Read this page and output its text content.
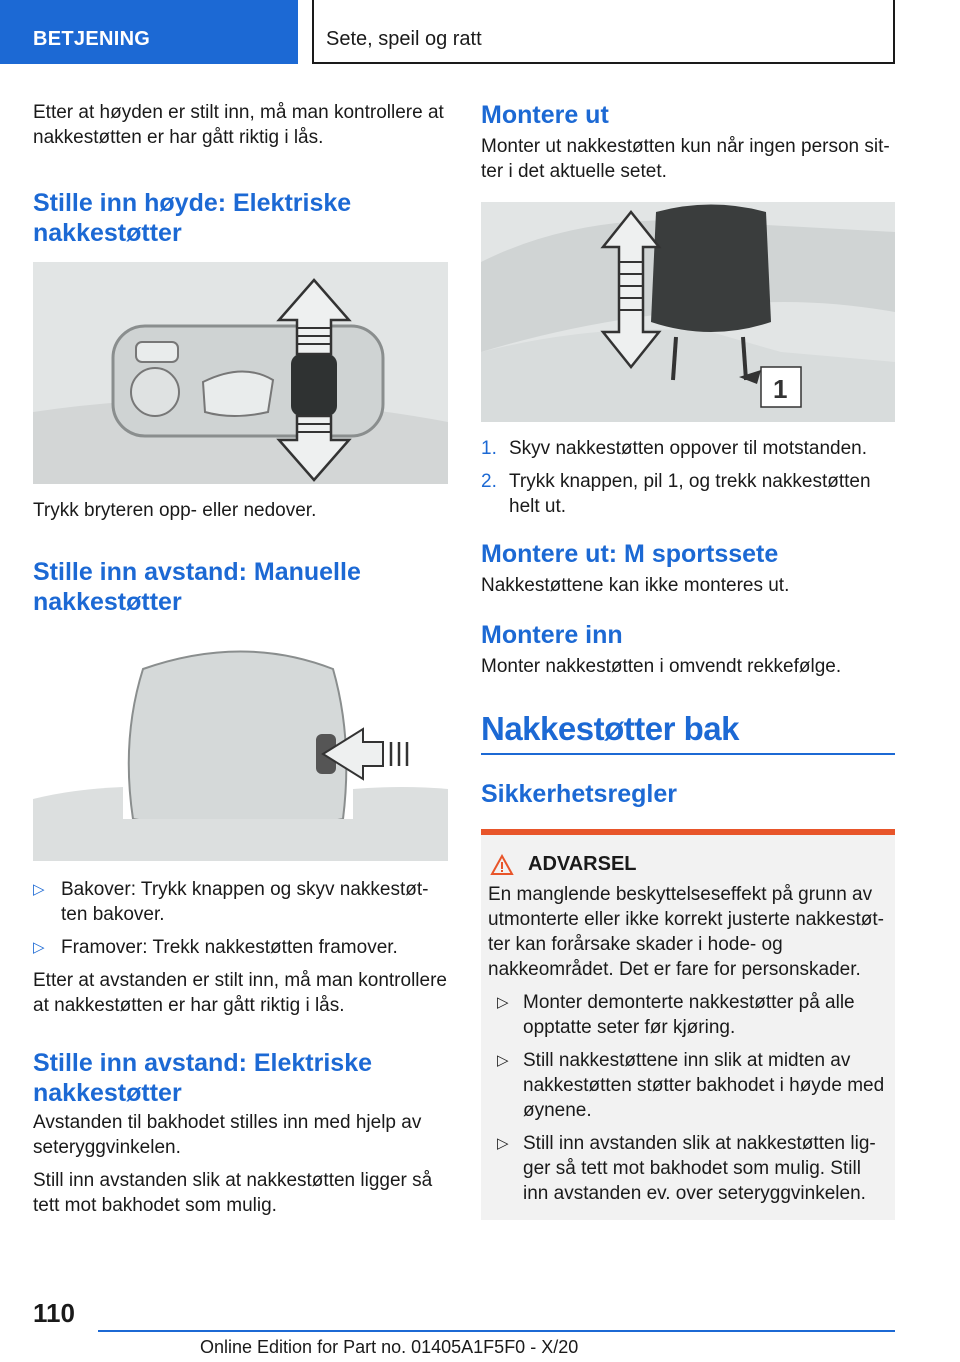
BETJENING	Sete, speil og ratt

Etter at høyden er stilt inn, må man kontrollere at nakkestøtten er har gått riktig i lås.

Stille inn høyde: Elektriske nakkestøtter

Trykk bryteren opp- eller nedover.

Stille inn avstand: Manuelle nakkestøtter
▷ Bakover: Trykk knappen og skyv nakkestøtten bakover.
▷ Framover: Trekk nakkestøtten framover.

Etter at avstanden er stilt inn, må man kontrollere at nakkestøtten er har gått riktig i lås.

Stille inn avstand: Elektriske nakkestøtter

Avstanden til bakhodet stilles inn med hjelp av seteryggvinkelen.

Still inn avstanden slik at nakkestøtten ligger så tett mot bakhodet som mulig.

Montere ut

Monter ut nakkestøtten kun når ingen person sitter i det aktuelle setet.

1
1. Skyv nakkestøtten oppover til motstanden.
2. Trykk knappen, pil 1, og trekk nakkestøtten helt ut.
Montere ut: M sportssete

Nakkestøttene kan ikke monteres ut.

Montere inn

Monter nakkestøtten i omvendt rekkefølge.

Nakkestøtter bak
Sikkerhetsregler
ADVARSEL

En manglende beskyttelseseffekt på grunn av utmonterte eller ikke korrekt justerte nakkestøtter kan forårsake skader i hode- og nakkeområdet. Det er fare for personskader.

▷ Monter demonterte nakkestøtter på alle opptatte seter før kjøring.
▷ Still nakkestøttene inn slik at midten av nakkestøtten støtter bakhodet i høyde med øynene.
▷ Still inn avstanden slik at nakkestøtten ligger så tett mot bakhodet som mulig. Still inn avstanden ev. over seteryggvinkelen.
110
Online Edition for Part no. 01405A1F5F0 - X/20
